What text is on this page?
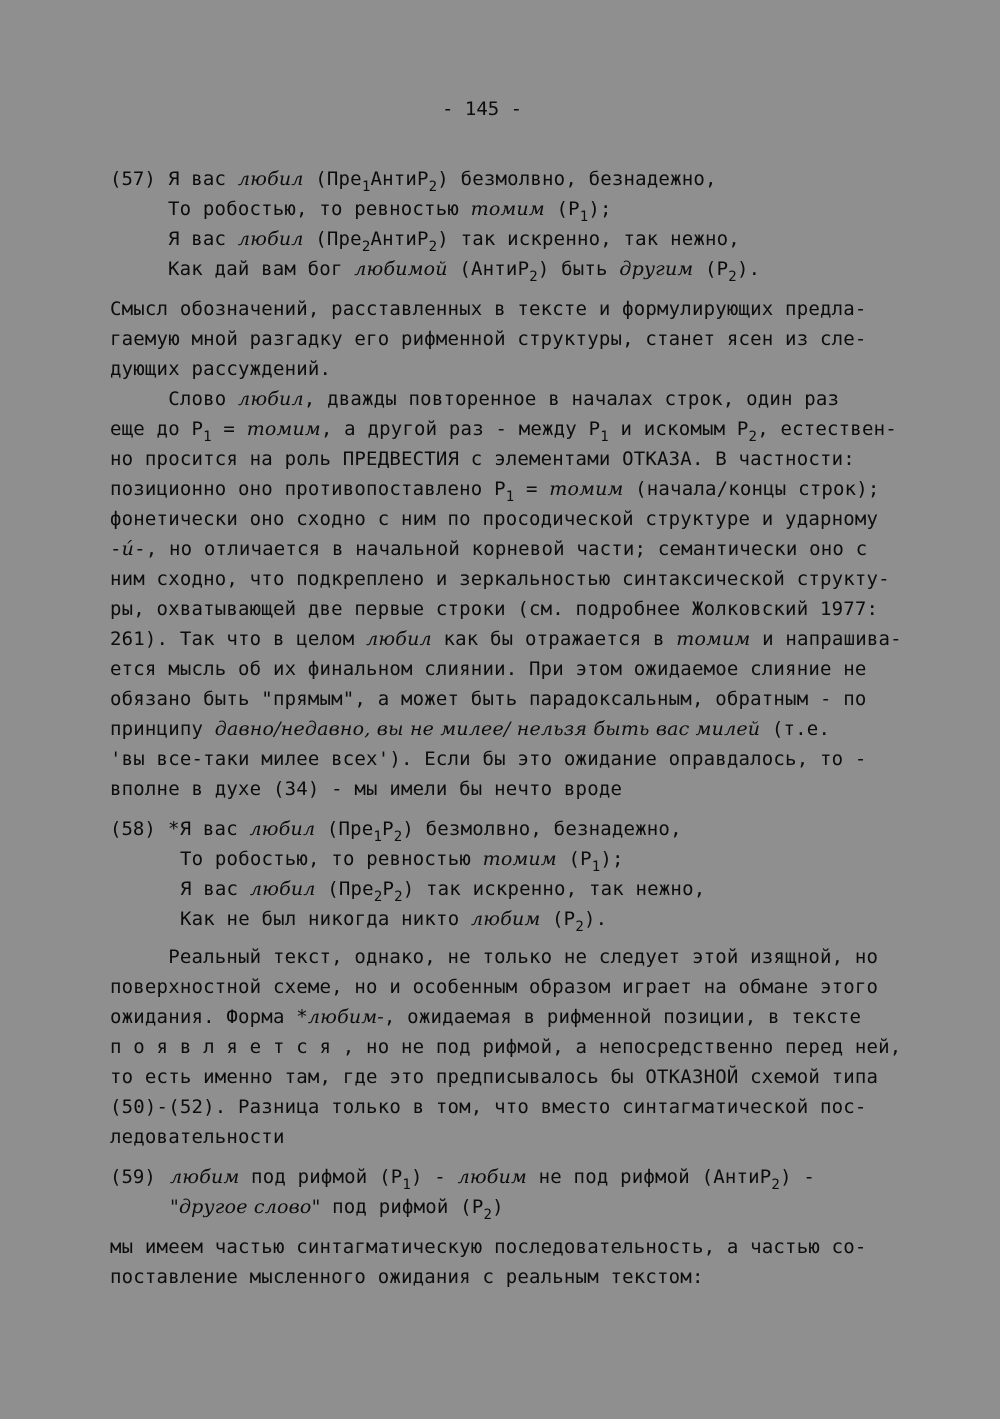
- 145 -
(57) Я вас любил (Пре$_1$АнтиР$_2$) безмолвно, безнадежно,
То робостью, то ревностью томим $(Р_1)$;
Я вас любил (Пре$_2$АнтиР$_2$) так искренно, так нежно,
Как дай вам бог любимой (АнтиР$_2$) быть другим $(Р_2)$.
Смысл обозначений, расставленных в тексте и формулирующих предла-
гаемую мной разгадку его рифменной структуры, станет ясен из сле-
дующих рассуждений.
Слово любил, дважды повторенное в началах строк, один раз
еще до $Р_1$ = томим, а другой раз - между $Р_1$ и искомым $Р_2$, естествен-
но просится на роль ПРЕДВЕСТИЯ с элементами ОТКАЗА. В частности:
позиционно оно противопоставлено $Р_1$ = томим (начала/концы строк);
фонетически оно сходно с ним по просодической структуре и ударному
-и́-, но отличается в начальной корневой части; семантически оно с
ним сходно, что подкреплено и зеркальностью синтаксической структу-
ры, охватывающей две первые строки (см. подробнее Жолковский 1977:
261). Так что в целом любил как бы отражается в томим и напрашива-
ется мысль об их финальном слиянии. При этом ожидаемое слияние не
обязано быть "прямым", а может быть парадоксальным, обратным - по
принципу давно/недавно, вы не милее/ нельзя быть вас милей (т.е.
'вы все-таки милее всех'). Если бы это ожидание оправдалось, то -
вполне в духе (34) - мы имели бы нечто вроде
(58) *Я вас любил $(Пре_1Р_2)$ безмолвно, безнадежно,
То робостью, то ревностью томим $(Р_1)$;
Я вас любил $(Пре_2Р_2)$ так искренно, так нежно,
Как не был никогда никто любим $(Р_2)$.
Реальный текст, однако, не только не следует этой изящной, но
поверхностной схеме, но и особенным образом играет на обмане этого
ожидания. Форма *любим-, ожидаемая в рифменной позиции, в тексте
п о я в л я е т с я , но не под рифмой, а непосредственно перед ней,
то есть именно там, где это предписывалось бы ОТКАЗНОЙ схемой типа
(50)-(52). Разница только в том, что вместо синтагматической пос-
ледовательности
(59) любим под рифмой $(Р_1)$ - любим не под рифмой (АнтиР$_2$) -
"другое слово" под рифмой $(Р_2)$
мы имеем частью синтагматическую последовательность, а частью со-
поставление мысленного ожидания с реальным текстом:
